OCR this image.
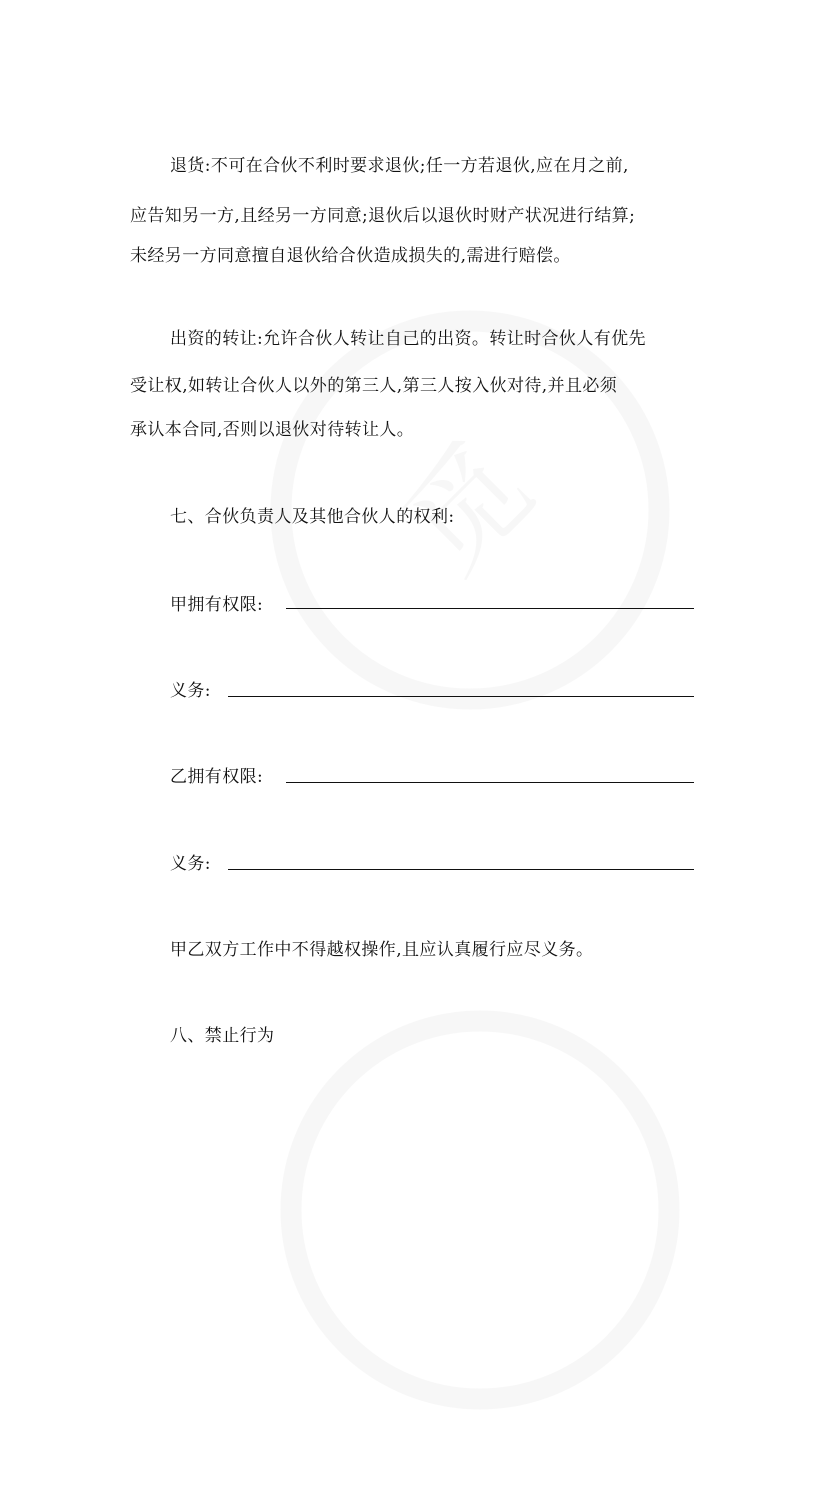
觅
退货:不可在合伙不利时要求退伙;任一方若退伙,应在月之前,
应告知另一方,且经另一方同意;退伙后以退伙时财产状况进行结算;
未经另一方同意擅自退伙给合伙造成损失的,需进行赔偿。
出资的转让:允许合伙人转让自己的出资。转让时合伙人有优先
受让权,如转让合伙人以外的第三人,第三人按入伙对待,并且必须
承认本合同,否则以退伙对待转让人。
七、合伙负责人及其他合伙人的权利:
甲拥有权限:
义务:
乙拥有权限:
义务:
甲乙双方工作中不得越权操作,且应认真履行应尽义务。
八、禁止行为
